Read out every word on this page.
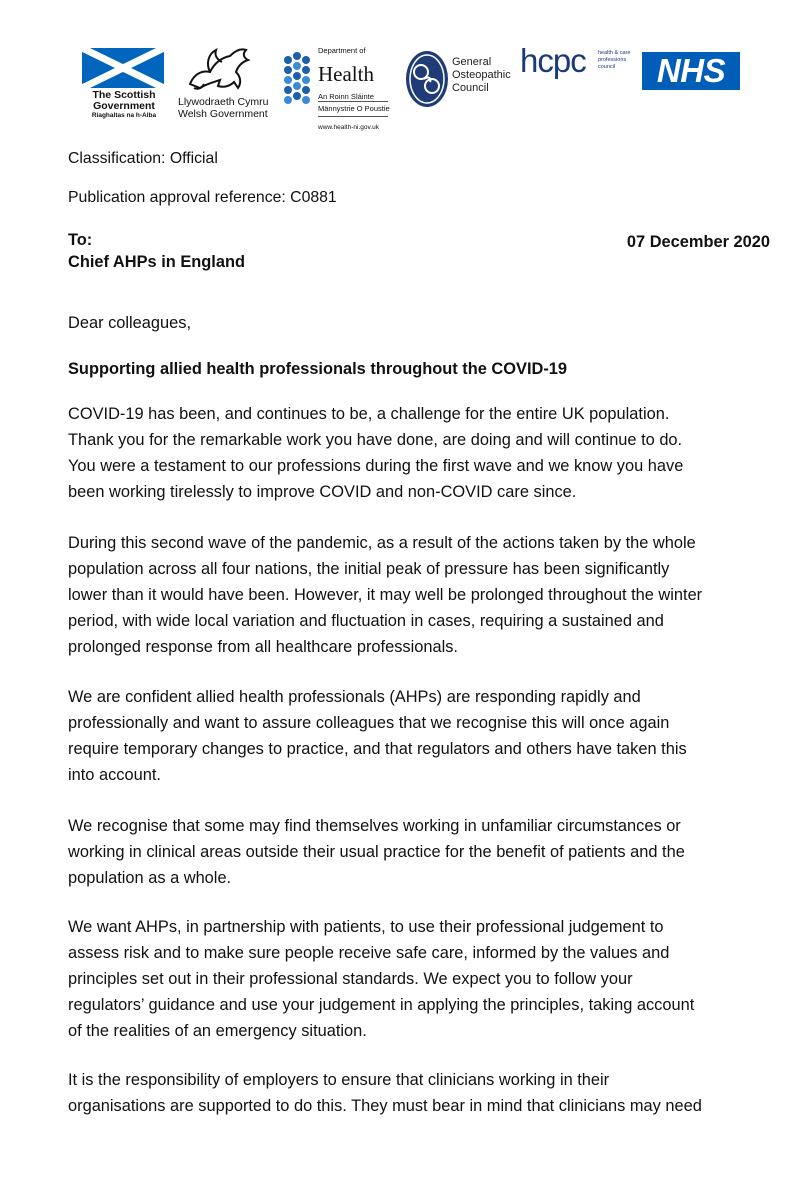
The Scottish
Government
Riaghaltas na h-Alba
Llywodraeth Cymru
Welsh Government
Department of
Health
An Roinn Sláinte
Männystrie O Poustie
www.health-ni.gov.uk
General
Osteopathic
Council
hcpc health & care
professions
council	NHS
Classification: Official
Publication approval reference: C0881
To:
Chief AHPs in England
07 December 2020
Dear colleagues,
Supporting allied health professionals throughout the COVID-19
COVID-19 has been, and continues to be, a challenge for the entire UK population.
Thank you for the remarkable work you have done, are doing and will continue to do.
You were a testament to our professions during the first wave and we know you have
been working tirelessly to improve COVID and non-COVID care since.
During this second wave of the pandemic, as a result of the actions taken by the whole
population across all four nations, the initial peak of pressure has been significantly
lower than it would have been. However, it may well be prolonged throughout the winter
period, with wide local variation and fluctuation in cases, requiring a sustained and
prolonged response from all healthcare professionals.
We are confident allied health professionals (AHPs) are responding rapidly and
professionally and want to assure colleagues that we recognise this will once again
require temporary changes to practice, and that regulators and others have taken this
into account.
We recognise that some may find themselves working in unfamiliar circumstances or
working in clinical areas outside their usual practice for the benefit of patients and the
population as a whole.
We want AHPs, in partnership with patients, to use their professional judgement to
assess risk and to make sure people receive safe care, informed by the values and
principles set out in their professional standards. We expect you to follow your
regulators’ guidance and use your judgement in applying the principles, taking account
of the realities of an emergency situation.
It is the responsibility of employers to ensure that clinicians working in their
organisations are supported to do this. They must bear in mind that clinicians may need
